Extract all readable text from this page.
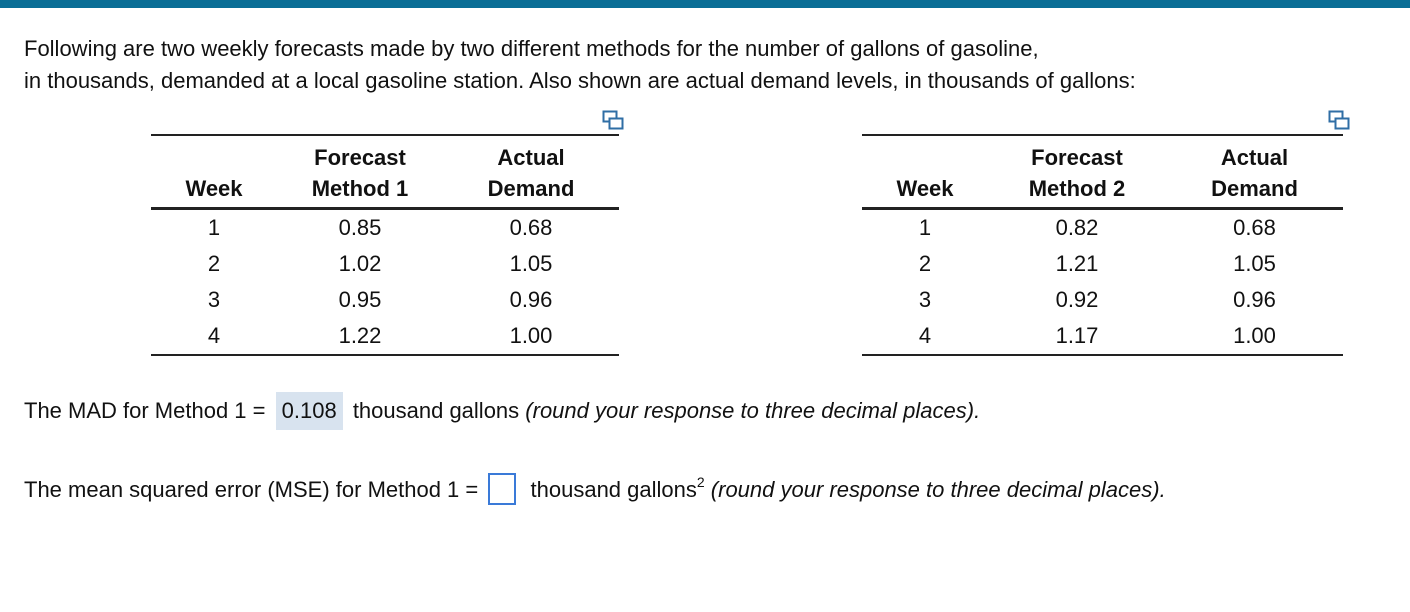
Following are two weekly forecasts made by two different methods for the number of gallons of gasoline,
in thousands, demanded at a local gasoline station. Also shown are actual demand levels, in thousands of gallons:
	Forecast	Actual
Week	Method 1	Demand
1	0.85	0.68
2	1.02	1.05
3	0.95	0.96
4	1.22	1.00
	Forecast	Actual
Week	Method 2	Demand
1	0.82	0.68
2	1.21	1.05
3	0.92	0.96
4	1.17	1.00
The MAD for Method 1 = 0.108 thousand gallons (round your response to three decimal places).
The mean squared error (MSE) for Method 1 = thousand gallons$^2$ (round your response to three decimal places).
